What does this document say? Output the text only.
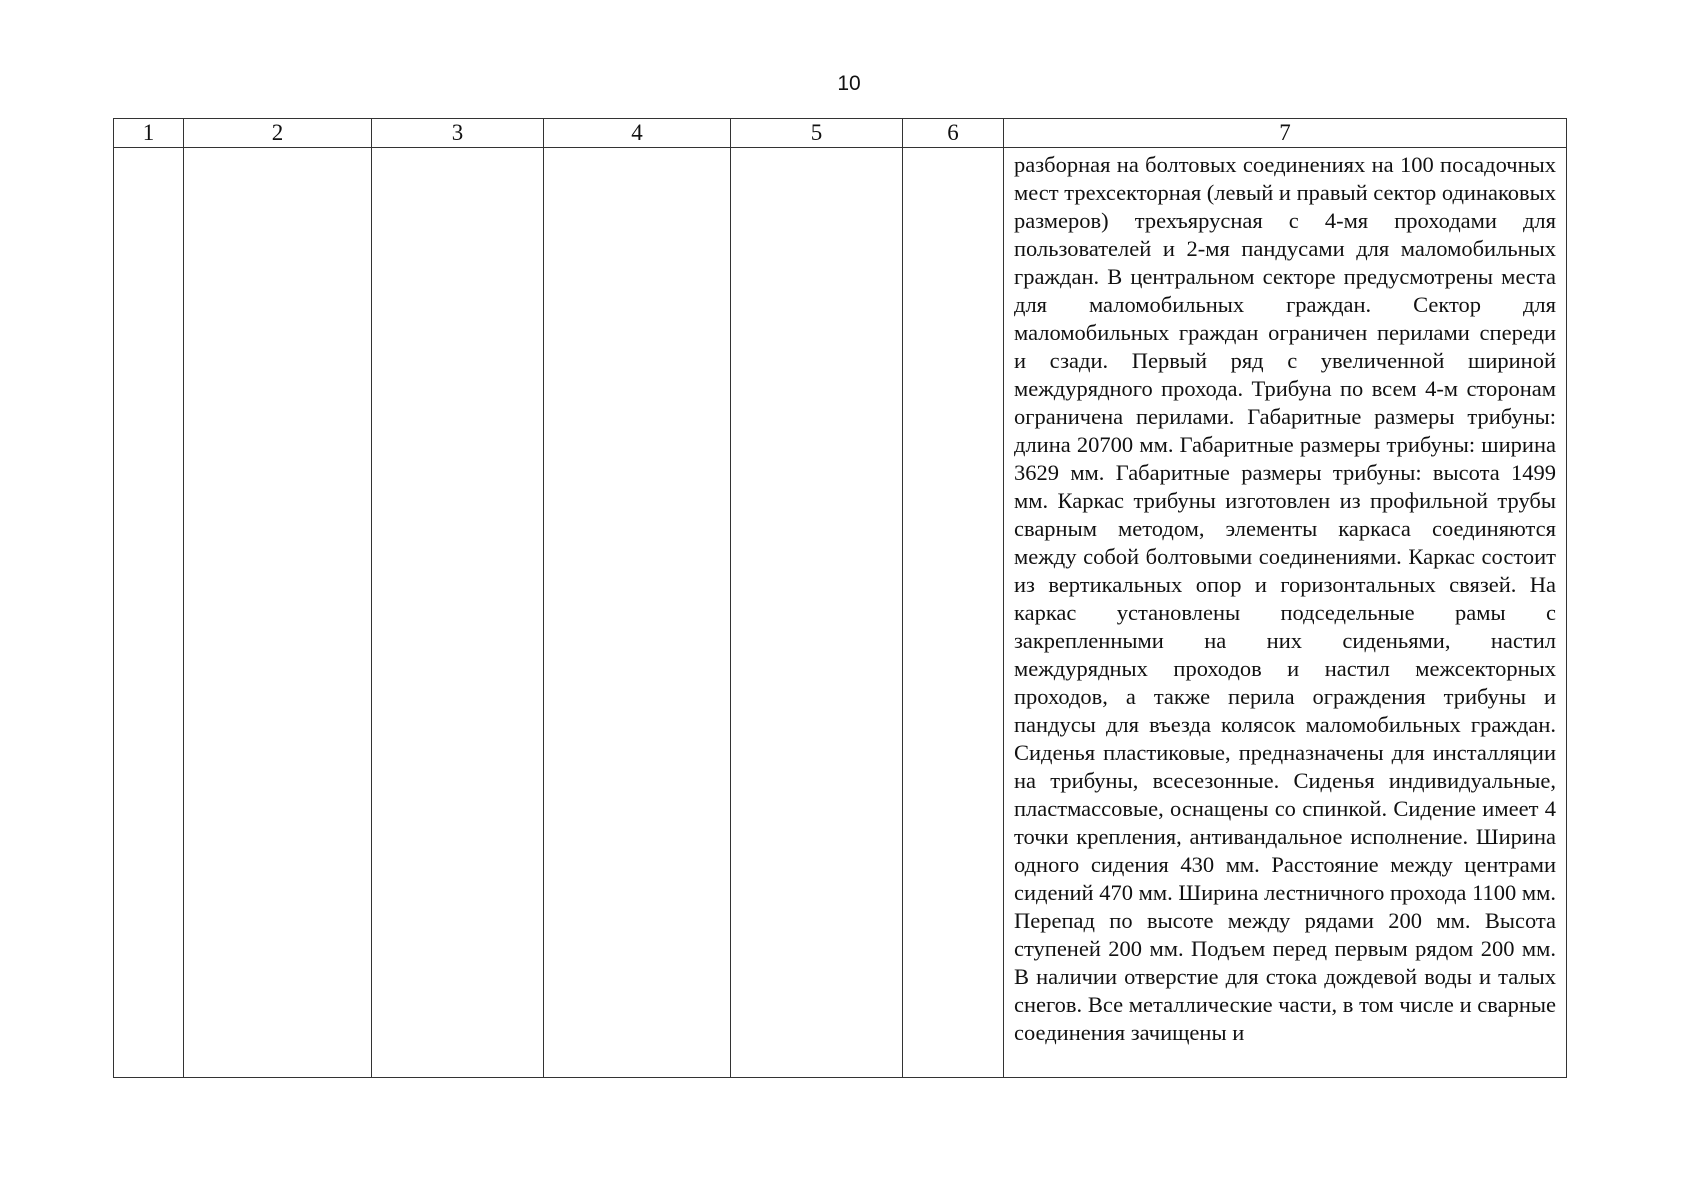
10
1	2	3	4	5	6	7
						разборная на болтовых соединениях на 100 посадочных мест трехсекторная (левый и правый сектор одинаковых размеров) трехъярусная с 4-мя проходами для пользователей и 2-мя пандусами для маломобильных граждан. В центральном секторе предусмотрены места для маломобильных граждан. Сектор для маломобильных граждан ограничен перилами спереди и сзади. Первый ряд с увеличенной шириной междурядного прохода. Трибуна по всем 4-м сторонам ограничена перилами. Габаритные размеры трибуны: длина 20700 мм. Габаритные размеры трибуны: ширина 3629 мм. Габаритные размеры трибуны: высота 1499 мм. Каркас трибуны изготовлен из профильной трубы сварным методом, элементы каркаса соединяются между собой болтовыми соединениями. Каркас состоит из вертикальных опор и горизонтальных связей. На каркас установлены подседельные рамы с закрепленными на них сиденьями, настил междурядных проходов и настил межсекторных проходов, а также перила ограждения трибуны и пандусы для въезда колясок маломобильных граждан. Сиденья пластиковые, предназначены для инсталляции на трибуны, всесезонные. Сиденья индивидуальные, пластмассовые, оснащены со спинкой. Сидение имеет 4 точки крепления, антивандальное исполнение. Ширина одного сидения 430 мм. Расстояние между центрами сидений 470 мм. Ширина лестничного прохода 1100 мм. Перепад по высоте между рядами 200 мм. Высота ступеней 200 мм. Подъем перед первым рядом 200 мм. В наличии отверстие для стока дождевой воды и талых снегов. Все металлические части, в том числе и сварные соединения зачищены и
